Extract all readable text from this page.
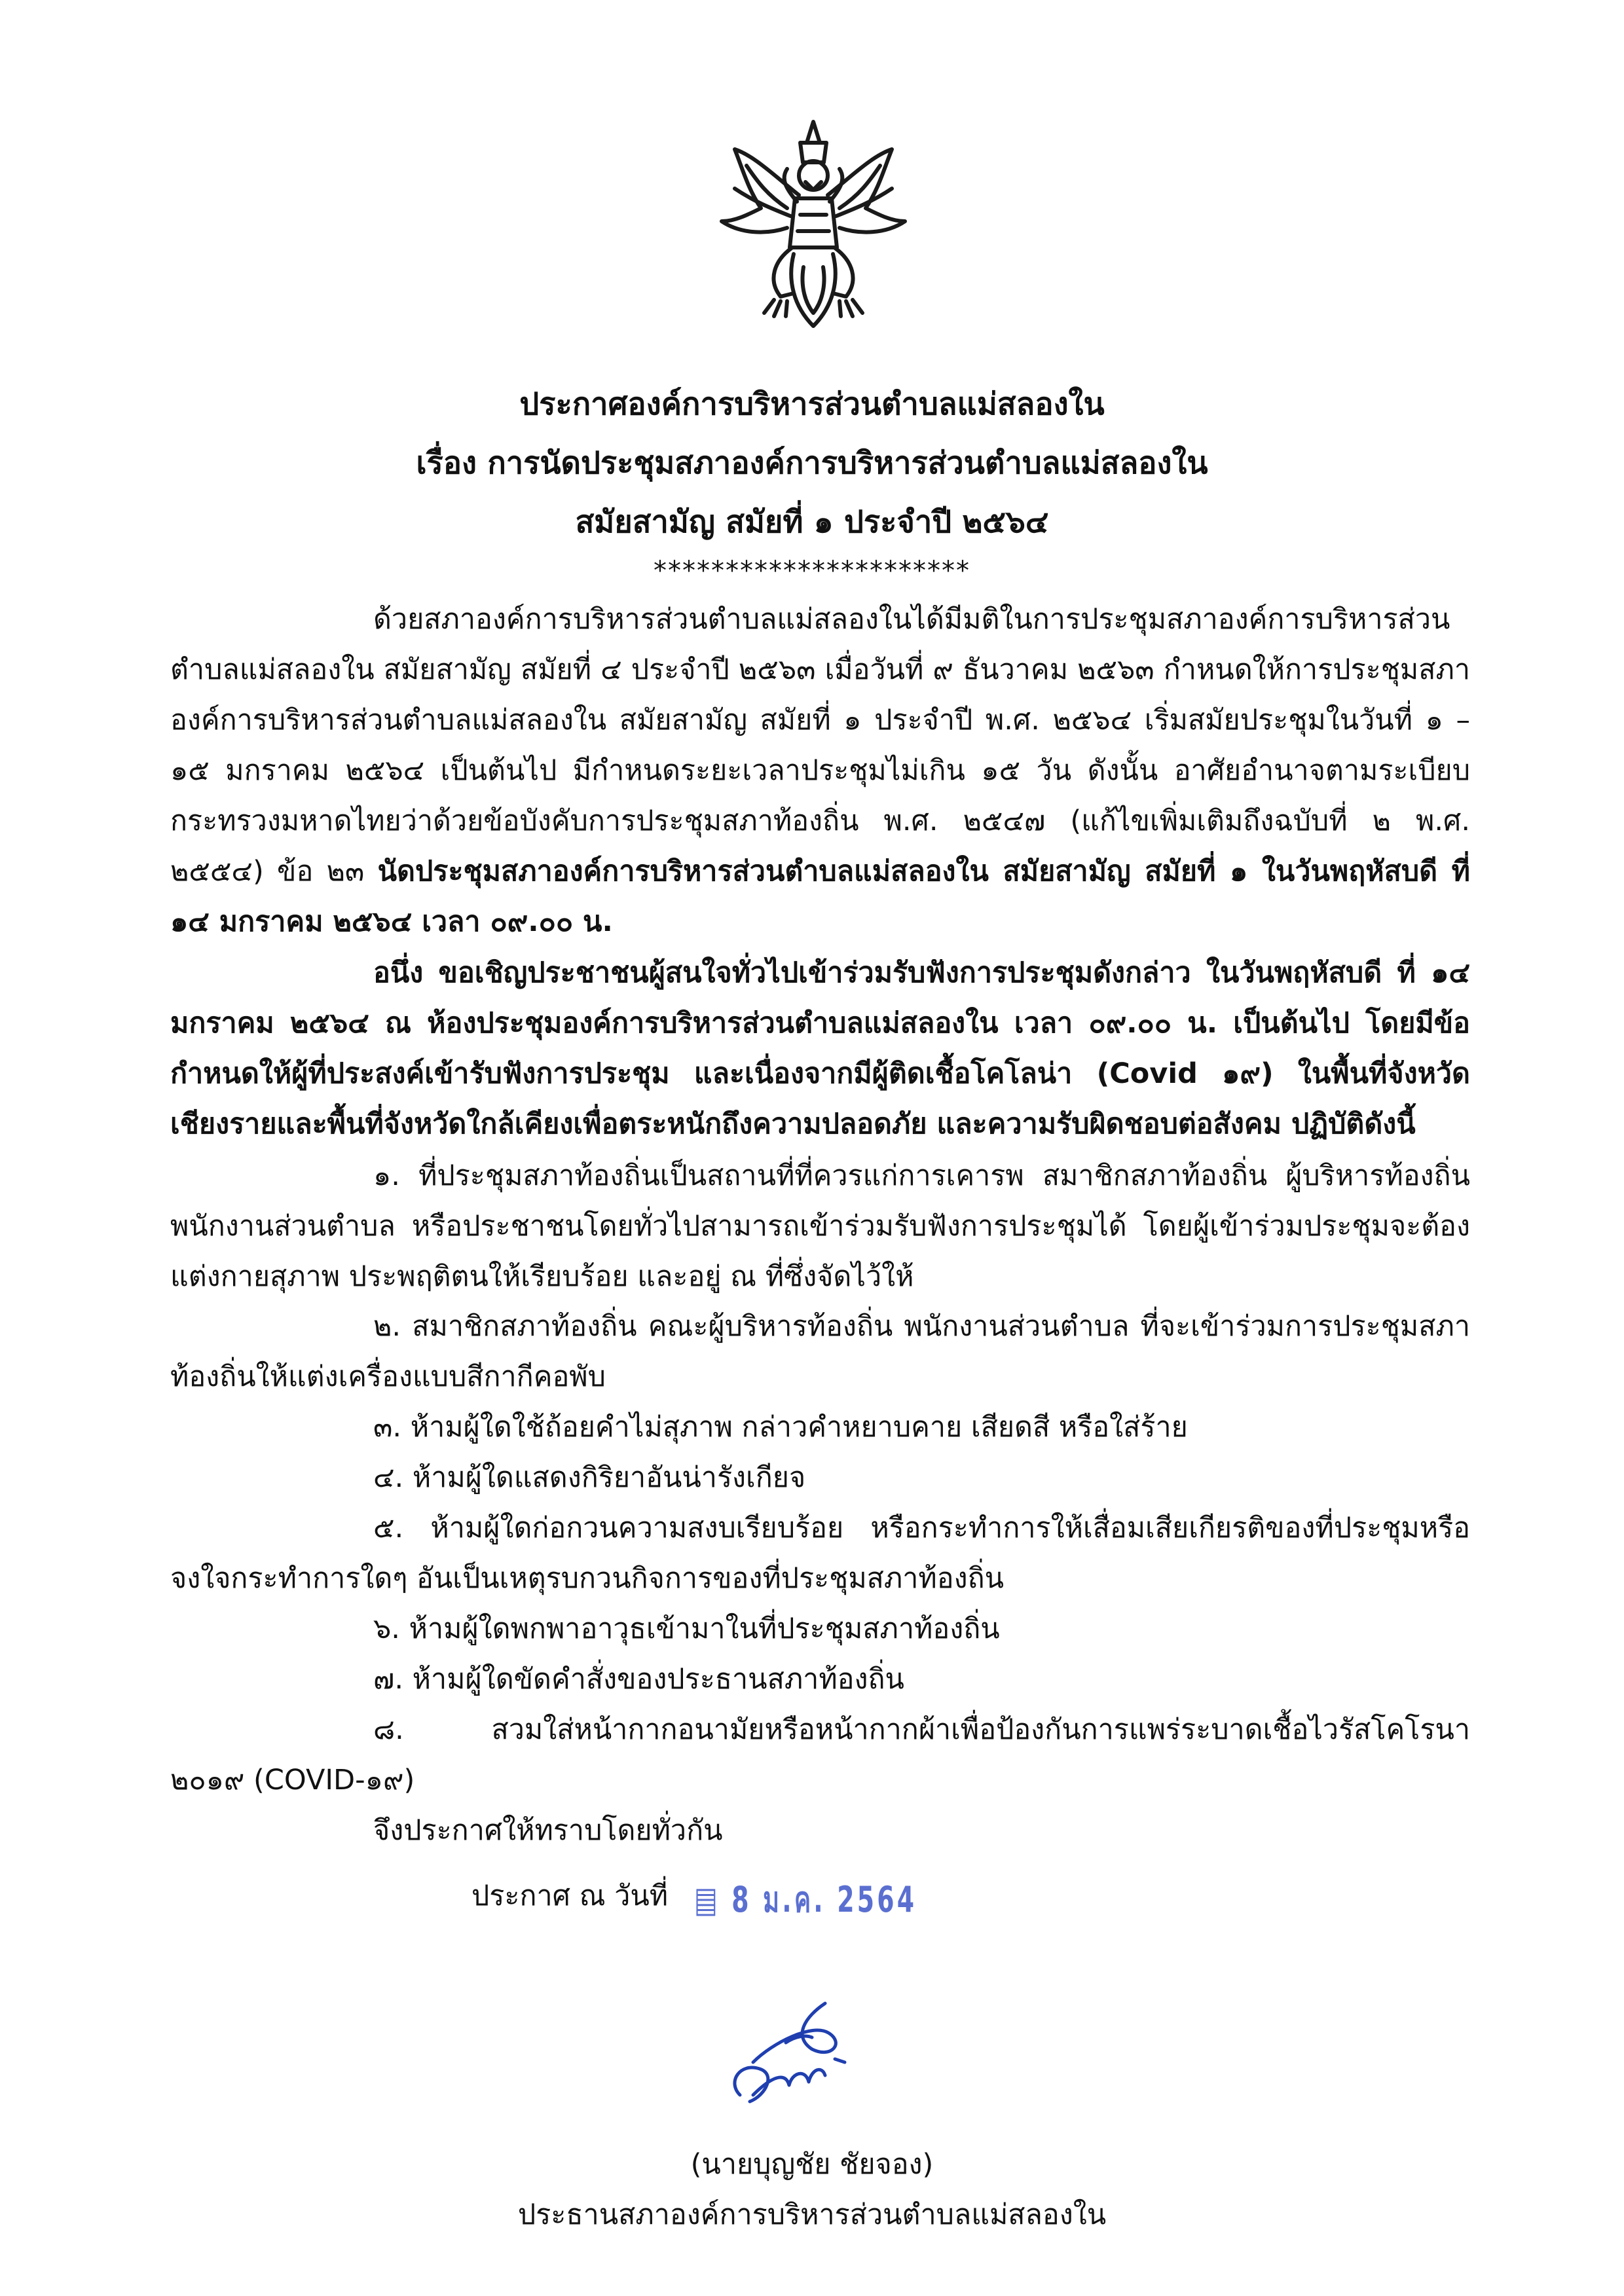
ประกาศองค์การบริหารส่วนตำบลแม่สลองใน
เรื่อง การนัดประชุมสภาองค์การบริหารส่วนตำบลแม่สลองใน
สมัยสามัญ สมัยที่ ๑ ประจำปี ๒๕๖๔
**********************
ด้วยสภาองค์การบริหารส่วนตำบลแม่สลองในได้มีมติในการประชุมสภาองค์การบริหารส่วนตำบลแม่สลองใน สมัยสามัญ สมัยที่ ๔ ประจำปี ๒๕๖๓ เมื่อวันที่ ๙ ธันวาคม ๒๕๖๓ กำหนดให้การประชุมสภาองค์การบริหารส่วนตำบลแม่สลองใน สมัยสามัญ สมัยที่ ๑ ประจำปี พ.ศ. ๒๕๖๔ เริ่มสมัยประชุมในวันที่ ๑ – ๑๕ มกราคม ๒๕๖๔ เป็นต้นไป มีกำหนดระยะเวลาประชุมไม่เกิน ๑๕ วัน ดังนั้น อาศัยอำนาจตามระเบียบกระทรวงมหาดไทยว่าด้วยข้อบังคับการประชุมสภาท้องถิ่น พ.ศ. ๒๕๔๗ (แก้ไขเพิ่มเติมถึงฉบับที่ ๒ พ.ศ. ๒๕๕๔) ข้อ ๒๓ นัดประชุมสภาองค์การบริหารส่วนตำบลแม่สลองใน สมัยสามัญ สมัยที่ ๑ ในวันพฤหัสบดี ที่ ๑๔ มกราคม ๒๕๖๔ เวลา ๐๙.๐๐ น.
อนึ่ง ขอเชิญประชาชนผู้สนใจทั่วไปเข้าร่วมรับฟังการประชุมดังกล่าว ในวันพฤหัสบดี ที่ ๑๔ มกราคม ๒๕๖๔ ณ ห้องประชุมองค์การบริหารส่วนตำบลแม่สลองใน เวลา ๐๙.๐๐ น. เป็นต้นไป โดยมีข้อกำหนดให้ผู้ที่ประสงค์เข้ารับฟังการประชุม และเนื่องจากมีผู้ติดเชื้อโคโลน่า (Covid ๑๙) ในพื้นที่จังหวัดเชียงรายและพื้นที่จังหวัดใกล้เคียงเพื่อตระหนักถึงความปลอดภัย และความรับผิดชอบต่อสังคม ปฏิบัติดังนี้
๑. ที่ประชุมสภาท้องถิ่นเป็นสถานที่ที่ควรแก่การเคารพ สมาชิกสภาท้องถิ่น ผู้บริหารท้องถิ่นพนักงานส่วนตำบล หรือประชาชนโดยทั่วไปสามารถเข้าร่วมรับฟังการประชุมได้ โดยผู้เข้าร่วมประชุมจะต้องแต่งกายสุภาพ ประพฤติตนให้เรียบร้อย และอยู่ ณ ที่ซึ่งจัดไว้ให้
๒. สมาชิกสภาท้องถิ่น คณะผู้บริหารท้องถิ่น พนักงานส่วนตำบล ที่จะเข้าร่วมการประชุมสภาท้องถิ่นให้แต่งเครื่องแบบสีกากีคอพับ
๓. ห้ามผู้ใดใช้ถ้อยคำไม่สุภาพ กล่าวคำหยาบคาย เสียดสี หรือใส่ร้าย
๔. ห้ามผู้ใดแสดงกิริยาอันน่ารังเกียจ
๕. ห้ามผู้ใดก่อกวนความสงบเรียบร้อย หรือกระทำการให้เสื่อมเสียเกียรติของที่ประชุมหรือจงใจกระทำการใดๆ อันเป็นเหตุรบกวนกิจการของที่ประชุมสภาท้องถิ่น
๖. ห้ามผู้ใดพกพาอาวุธเข้ามาในที่ประชุมสภาท้องถิ่น
๗. ห้ามผู้ใดขัดคำสั่งของประธานสภาท้องถิ่น
๘. สวมใส่หน้ากากอนามัยหรือหน้ากากผ้าเพื่อป้องกันการแพร่ระบาดเชื้อไวรัสโคโรนา ๒๐๑๙ (COVID-๑๙)
จึงประกาศให้ทราบโดยทั่วกัน
ประกาศ ณ วันที่ ▤ 8 ม.ค. 2564
(นายบุญชัย ชัยจอง)
ประธานสภาองค์การบริหารส่วนตำบลแม่สลองใน
